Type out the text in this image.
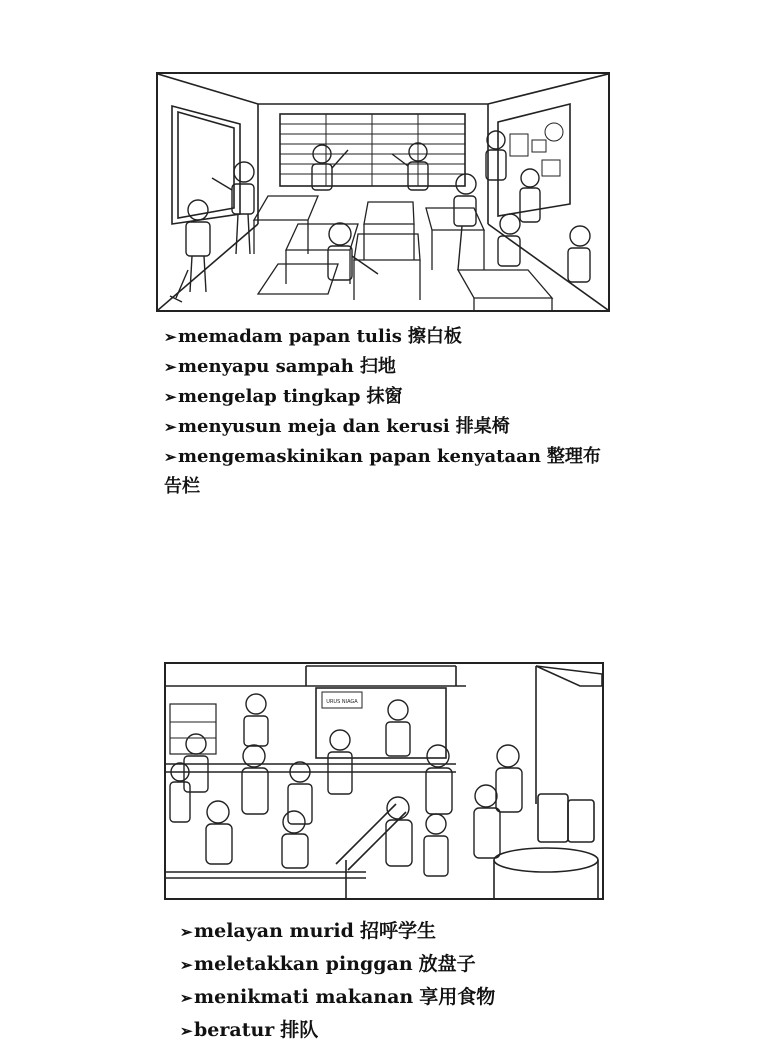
➢memadam papan tulis 擦白板
➢menyapu sampah 扫地
➢mengelap tingkap 抹窗
➢menyusun meja dan kerusi 排桌椅
➢mengemaskinikan papan kenyataan 整理布告栏
URUS NIAGA
➢melayan murid 招呼学生
➢meletakkan pinggan 放盘子
➢menikmati makanan 享用食物
➢beratur 排队
